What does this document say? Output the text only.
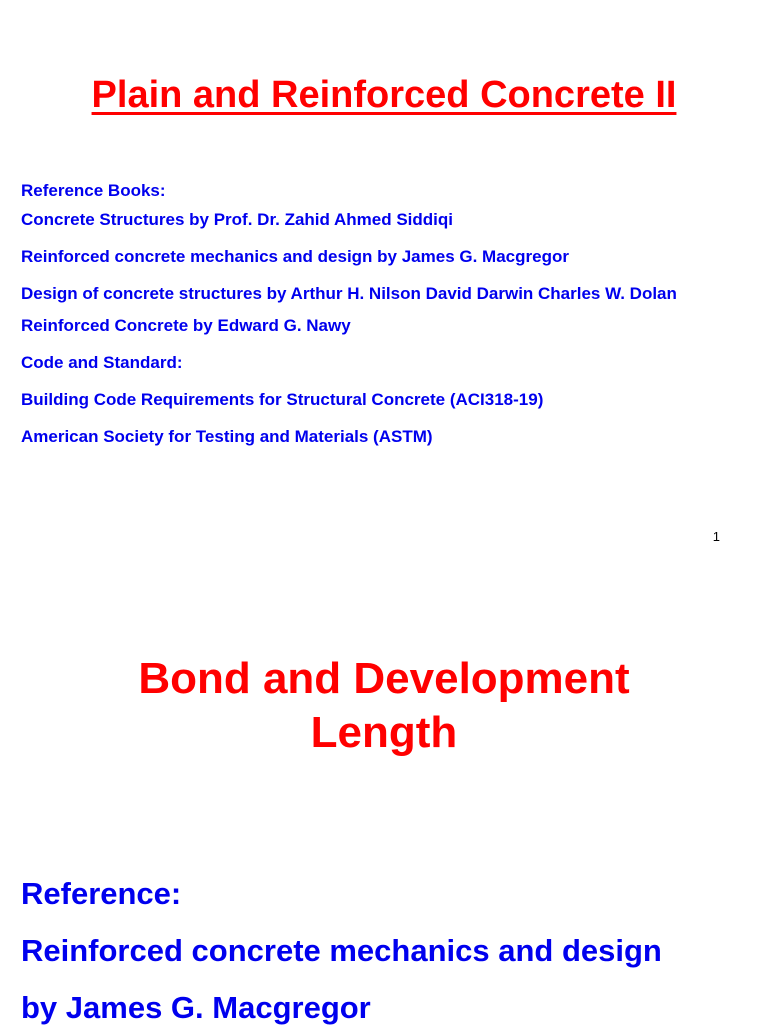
Plain and Reinforced Concrete II
Reference Books:
Concrete Structures by Prof. Dr. Zahid Ahmed Siddiqi
Reinforced concrete mechanics and design by James G. Macgregor
Design of concrete structures by Arthur H. Nilson David Darwin Charles W. Dolan
Reinforced Concrete by Edward G. Nawy
Code and Standard:
Building Code Requirements for Structural Concrete (ACI318-19)
American Society for Testing and Materials (ASTM)
1
Bond and Development
Length
Reference:
Reinforced concrete mechanics and design
by James G. Macgregor
